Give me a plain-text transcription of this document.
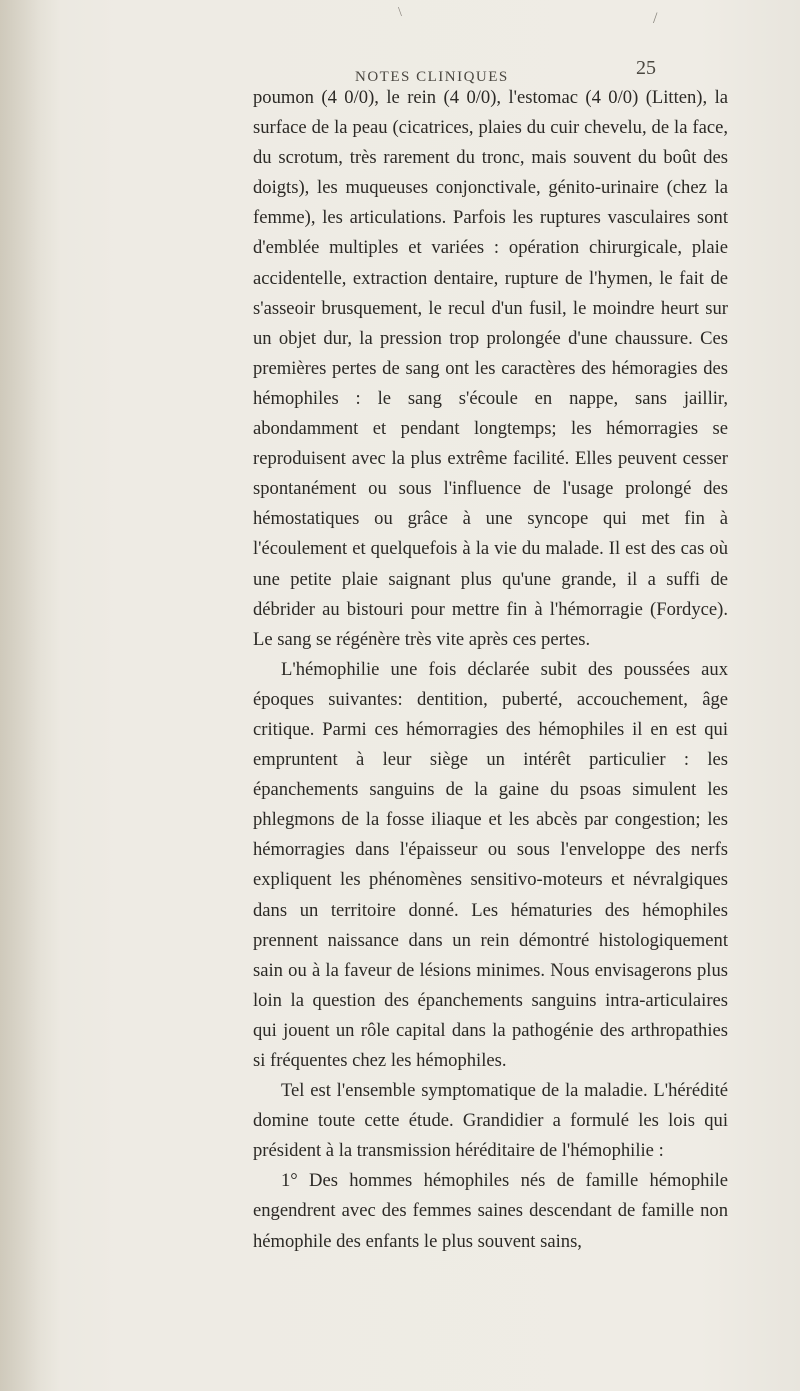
/
\
NOTES CLINIQUES	25

poumon (4 0/0), le rein (4 0/0), l'estomac (4 0/0) (Litten), la surface de la peau (cicatrices, plaies du cuir chevelu, de la face, du scrotum, très rarement du tronc, mais souvent du boût des doigts), les muqueuses conjonctivale, génito-urinaire (chez la femme), les articulations. Parfois les ruptures vasculaires sont d'emblée multiples et variées : opération chirurgicale, plaie accidentelle, extraction dentaire, rupture de l'hymen, le fait de s'asseoir brusquement, le recul d'un fusil, le moindre heurt sur un objet dur, la pression trop prolongée d'une chaussure. Ces premières pertes de sang ont les caractères des hémoragies des hémophiles : le sang s'écoule en nappe, sans jaillir, abondamment et pendant longtemps; les hémorragies se reproduisent avec la plus extrême facilité. Elles peuvent cesser spontanément ou sous l'influence de l'usage prolongé des hémostatiques ou grâce à une syncope qui met fin à l'écoulement et quelquefois à la vie du malade. Il est des cas où une petite plaie saignant plus qu'une grande, il a suffi de débrider au bistouri pour mettre fin à l'hémorragie (Fordyce). Le sang se régénère très vite après ces pertes.

L'hémophilie une fois déclarée subit des poussées aux époques suivantes: dentition, puberté, accouchement, âge critique. Parmi ces hémorragies des hémophiles il en est qui empruntent à leur siège un intérêt particulier : les épanchements sanguins de la gaine du psoas simulent les phlegmons de la fosse iliaque et les abcès par congestion; les hémorragies dans l'épaisseur ou sous l'enveloppe des nerfs expliquent les phénomènes sensitivo-moteurs et névralgiques dans un territoire donné. Les hématuries des hémophiles prennent naissance dans un rein démontré histologiquement sain ou à la faveur de lésions minimes. Nous envisagerons plus loin la question des épanchements sanguins intra-articulaires qui jouent un rôle capital dans la pathogénie des arthropathies si fréquentes chez les hémophiles.

Tel est l'ensemble symptomatique de la maladie. L'hérédité domine toute cette étude. Grandidier a formulé les lois qui président à la transmission héréditaire de l'hémophilie :

1° Des hommes hémophiles nés de famille hémophile engendrent avec des femmes saines descendant de famille non hémophile des enfants le plus souvent sains,
